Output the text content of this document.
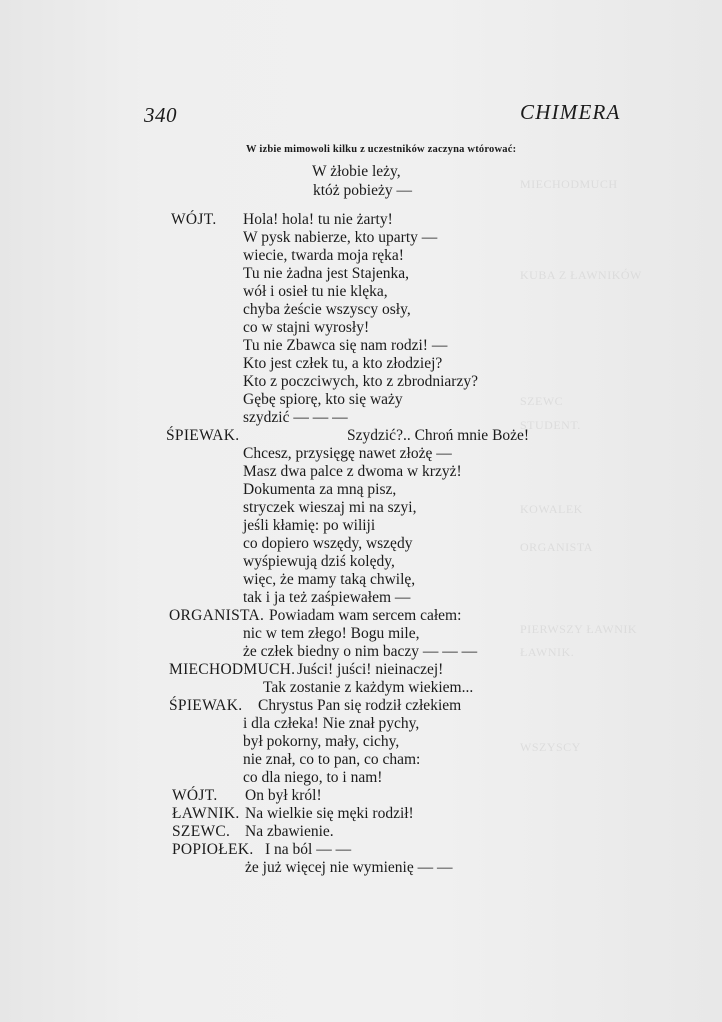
MIECHODMUCH
KUBA Z ŁAWNIKÓW
SZEWC
STUDENT.
KOWALEK
ORGANISTA
PIERWSZY ŁAWNIK
ŁAWNIK.
WSZYSCY
340	CHIMERA
W izbie mimowoli kilku z uczestników zaczyna wtórować:
W żłobie leży,
któż pobieży —
WÓJT. Hola! hola! tu nie żarty!
W pysk nabierze, kto uparty —
wiecie, twarda moja ręka!
Tu nie żadna jest Stajenka,
wół i osieł tu nie klęka,
chyba żeście wszyscy osły,
co w stajni wyrosły!
Tu nie Zbawca się nam rodzi! —
Kto jest człek tu, a kto złodziej?
Kto z poczciwych, kto z zbrodniarzy?
Gębę spiorę, kto się waży
szydzić — — —
ŚPIEWAK.	Szydzić?.. Chroń mnie Boże!
Chcesz, przysięgę nawet złożę —
Masz dwa palce z dwoma w krzyż!
Dokumenta za mną pisz,
stryczek wieszaj mi na szyi,
jeśli kłamię: po wiliji
co dopiero wszędy, wszędy
wyśpiewują dziś kolędy,
więc, że mamy taką chwilę,
tak i ja też zaśpiewałem —
ORGANISTA. Powiadam wam sercem całem:
nic w tem złego! Bogu mile,
że człek biedny o nim baczy — — —
MIECHODMUCH. Juści! juści! nieinaczej!
Tak zostanie z każdym wiekiem...
ŚPIEWAK. Chrystus Pan się rodził człekiem
i dla człeka! Nie znał pychy,
był pokorny, mały, cichy,
nie znał, co to pan, co cham:
co dla niego, to i nam!
WÓJT. On był król!
ŁAWNIK. Na wielkie się męki rodził!
SZEWC. Na zbawienie.
POPIOŁEK. I na ból — —
że już więcej nie wymienię — —
